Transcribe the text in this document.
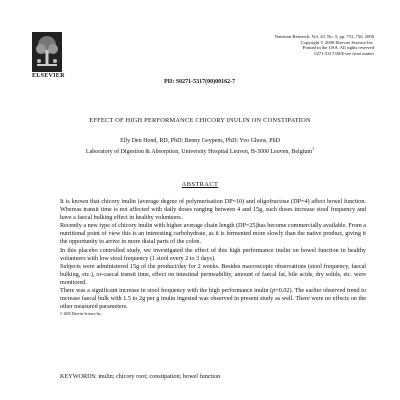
ELSEVIER
Nutrition Research, Vol. 20, No. 5, pp. 731–736, 2000
Copyright © 2000 Elsevier Science Inc.
Printed in the USA. All rights reserved
0271-5317/00/$-see front matter
PII: S0271-5317(00)00162-7
EFFECT OF HIGH PERFORMANCE CHICORY INULIN ON CONSTIPATION
Elly Den Hond, RD, PhD; Benny Geypens, PhD; Yvo Ghoos, PhD
Laboratory of Digestion & Absorption, University Hospital Leuven, B-3000 Leuven, Belgium$^1$
ABSTRACT

It is known that chicory inulin (average degree of polymerisation DP=10) and oligofructose (DP=4) affect bowel function. Whereas transit time is not affected with daily doses ranging between 4 and 15g, such doses increase stool frequency and have a faecal bulking effect in healthy volunteers.

Recently a new type of chicory inulin with higher average chain length (DP=25)has become commercially available. From a nutritional point of view this is an interesting carbohydrate, as it is fermented more slowly than the native product, giving it the opportunity to arrive in more distal parts of the colon.

In this placebo controlled study, we investigated the effect of this high performance inulin on bowel function in healthy volunteers with low stool frequency (1 stool every 2 to 3 days).

Subjects were administered 15g of the product/day for 2 weeks. Besides macroscopic observations (stool frequency, faecal bulking, etc.), or-caecal transit time, effect on intestinal permeability, amount of faecal fat, bile acids, dry solids, etc. were monitored.

There was a significant increase in stool frequency with the high performance inulin (p=0.02). The earlier observed trend to increase faecal bulk with 1.5 to 2g per g inulin ingested was observed in present study as well. There were no effects on the other measured parameters.

© 2000 Elsevier Science Inc.
KEYWORDS: inulin; chicory root; constipation; bowel function
